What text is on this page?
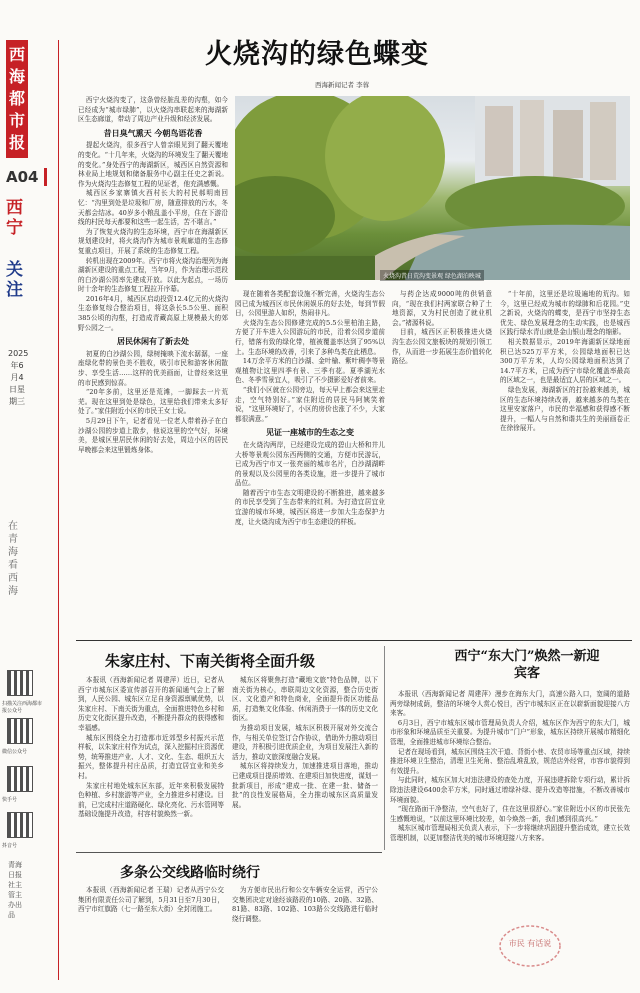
西海都市报
A04
西宁
关注
2025年6月4日星期三
在青海看西海
扫描关注西海都市报公众号
微信公众号
快手号
抖音号
青海日报社主管主办出品
火烧沟的绿色蝶变
西海新闻记者 李蓉
火烧沟昔日荒沟变景观 绿色湖泊映城

西宁火烧沟变了，这条曾经脏乱差的沟壑，如今已经成为“城市绿肺”，以火烧沟串联起来的海湖新区生态廊道，带动了周边产业升级和经济发展。

昔日臭气熏天 今朝鸟语花香

提起火烧沟，很多西宁人曾亲眼见到了翻天覆地的变化。“十几年来，火烧沟的环境发生了翻天覆地的变化。”身处西宁的海湖新区，城西区自然资源和林业局上地规划和储备服务中心副主任史之新说。作为火烧沟生态修复工程的见证者，他充满感慨。

城西区乡家寨镇火西村长大的村民郝明南回忆：“沟里到处是垃圾和厂房，随意排放的污水，冬天都会结冰。40岁多小粮乱盖小平房，住在下游沿线的村民每天都要和这些一起生活，苦不堪言。”

为了恢复火烧沟的生态环境，西宁市在海湖新区规划建设时，将火烧沟作为城市景观廊道的生态修复重点项目，开展了系统的生态修复工程。

转机出现在2009年。西宁市将火烧沟治理列为海湖新区建设的重点工程，当年9月，作为治理示范段的白沙湖公园率先建成开放。以此为起点，一场历时十余年的生态修复工程拉开序幕。

2016年4月，城西区启动投资12.4亿元的火烧沟生态修复综合整治项目，将这条长5.5公里、面积385公顷的沟壑，打造成青藏高原上规模最大的郊野公园之一。

居民休闲有了新去处

初夏的白沙湖公园，绿树掩映下流水潺潺，一座座绿化带的景色美不胜收，吸引市民和游客休闲散步、享受生活……这样的优美画面，让曾经来这里的市民感到惊喜。

“20年多前，这里还是荒滩，一脚踩去一片荒芜。现在这里到处是绿色，这里给我们带来太多好处了。”家住附近小区的市民王女士说。

5月29日下午，记者看见一位老人带着孙子在白沙湖公园的步道上散步，他说这里的空气好，环境美，是城区里居民休闲的好去处，周边小区的居民早晚都会来这里锻炼身体。

现在随着各类配套设施不断完善，火烧沟生态公园已成为城西区市民休闲娱乐的好去处，每到节假日，公园里游人如织，热闹非凡。

火烧沟生态公园修建完成的5.5公里柏油主路，方便了开车进入公园游玩的市民，沿着公园步道前行，错落有致的绿化带，植被覆盖率达到了95%以上。生态环境的改善，引来了多种鸟类在此栖息。

14万余平方米的白沙湖、金叶榆、紫叶稠李等景观植物让这里四季有景、三季有花。夏季湖光水色、冬季雪景宜人，吸引了不少摄影爱好者前来。

“我们小区就在公园旁边，每天早上都会来这里走走，空气特别好。”家住附近的居民马阿姨笑着说，“这里环境好了，小区的房价也涨了不少，大家都很满意。”

见证一座城市的生态之变

在火烧沟两岸，已经建设完成的碧山大桥和井儿大桥等景观公园东西两侧的交通，方便市民游玩，已成为西宁市又一张亮丽的城市名片，白沙湖湖畔的景观以及公园里的各类设施，进一步提升了城市品位。

随着西宁市生态文明建设的不断推进，越来越多的市民享受到了生态带来的红利。为打造宜居宜业宜游的城市环境，城西区将进一步加大生态保护力度，让火烧沟成为西宁市生态建设的样板。

与药企达成9000吨的供销意向，“现在我们村两家联合种了土地资源，又为村民创造了就业机会。”褚源科说。

目前，城西区正积极推进火烧沟生态公园文旅板块的规划引领工作，从而进一步拓展生态价值转化路径。

“十年前，这里还是垃圾遍地的荒沟。如今，这里已经成为城市的绿肺和后花园。”史之新说，火烧沟的蝶变，是西宁市坚持生态优先、绿色发展理念的生动实践，也是城西区践行绿水青山就是金山银山理念的缩影。

相关数据显示，2019年海湖新区绿地面积已达525万平方米，公园绿地面积已达300万平方米，人均公园绿地面积达到了14.7平方米，已成为西宁市绿化覆盖率最高的区域之一，也是最适宜人居的区域之一。

绿色发展，海湖新区的打扮越来越美，城区的生态环境持续改善，越来越多的鸟类在这里安家落户，市民的幸福感和获得感不断提升，一幅人与自然和谐共生的美丽画卷正在徐徐展开。

朱家庄村、下南关街将全面升级

本报讯（西海新闻记者 周建萍）近日，记者从西宁市城东区委宣传部召开的新闻通气会上了解到，人民公园、城东区立足自身资源禀赋优势，以朱家庄村、下南关街为重点，全面推进特色乡村和历史文化街区提升改造，不断提升群众的获得感和幸福感。

城东区围绕全力打造都市近郊型乡村振兴示范样板，以朱家庄村作为试点，深入挖掘村庄资源优势，统筹推进产业、人才、文化、生态、组织五大振兴，整体提升村庄品质，打造宜居宜业和美乡村。

朱家庄村地处城东区东部，近年来积极发展特色种植、乡村旅游等产业，全力推进乡村建设。目前，已完成村庄道路硬化、绿化亮化、污水管网等基础设施提升改造，村容村貌焕然一新。

城东区将聚焦打造“藏地文旅”特色品牌，以下南关街为核心，串联周边文化资源，整合历史街区、文化遗产和特色商业，全面提升街区功能品质，打造集文化体验、休闲消费于一体的历史文化街区。

为推动项目发展，城东区积极开展对外交流合作，与相关单位签订合作协议，借助外力推动项目建设，并积极引进优质企业，为项目发展注入新的活力，推动文旅深度融合发展。

城东区将持续发力，加速推进项目落地，推动已建成项目提质增效、在建项目加快进度，谋划一批新项目，形成“建成一批、在建一批、储备一批”的良性发展格局，全力推动城东区高质量发展。

西宁“东大门”焕然一新迎宾客

本报讯（西海新闻记者 周建萍）漫步在海东大门，高速公路入口，宽阔的道路两旁绿树成荫，整洁的环境令人赏心悦目，西宁市城东区正在以崭新面貌迎接八方来客。

6月3日，西宁市城东区城市管理局负责人介绍，城东区作为西宁的东大门，城市形象和环境品质至关重要。为提升城市“门户”形象，城东区持续开展城市精细化管理，全面推进城市环境综合整治。

记者在现场看到，城东区围绕主次干道、背街小巷、农贸市场等重点区域，持续推进环境卫生整治，清理卫生死角、整治乱堆乱放，规范店外经营，市容市貌得到有效提升。

与此同时，城东区加大对违法建设的查处力度，开展违建拆除专项行动，累计拆除违法建设6400余平方米，同时通过增绿补绿、提升改造等措施，不断改善城市环境面貌。

“现在路面干净整洁，空气也好了，住在这里很舒心。”家住附近小区的市民张先生感慨地说，“以前这里环境比较差，如今焕然一新，我们感到很高兴。”

城东区城市管理局相关负责人表示，下一步将继续巩固提升整治成效，建立长效管理机制，以更加整洁优美的城市环境迎接八方来客。

多条公交线路临时绕行

本报讯（西海新闻记者 王瑞）记者从西宁公交集团有限责任公司了解到，5月31日至7月30日，西宁市红旗路（七一路至东大街）全封闭施工。

为方便市民出行和公交车辆安全运营，西宁公交集团决定对途经该路段的10路、20路、32路、81路、83路、102路、103路公交线路进行临时绕行调整。

市民 有话说
